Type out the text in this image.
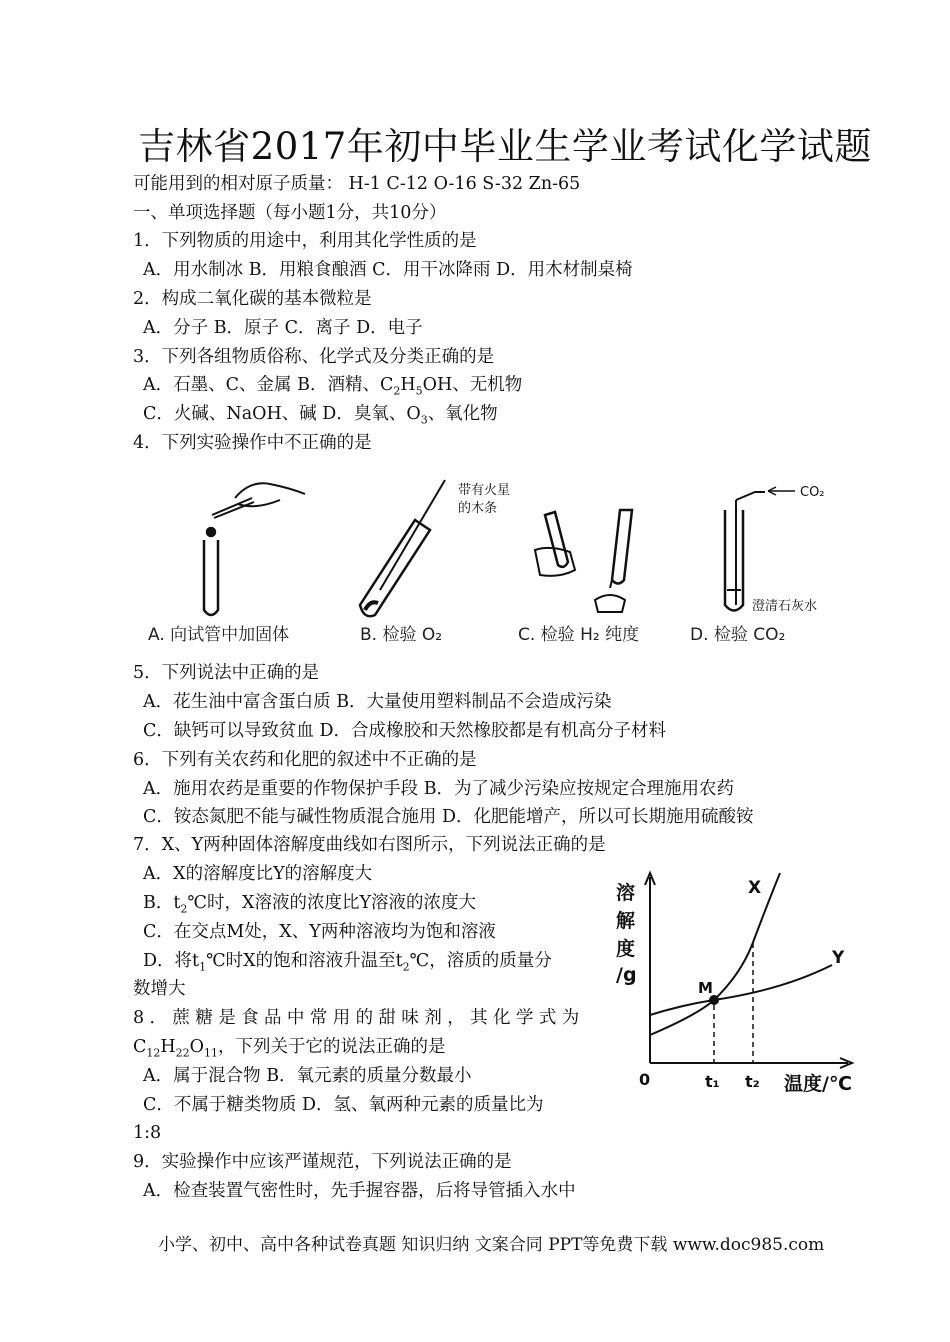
吉林省2017年初中毕业生学业考试化学试题
可能用到的相对原子质量： H-1 C-12 O-16 S-32 Zn-65
一、单项选择题（每小题1分，共10分）
1．下列物质的用途中，利用其化学性质的是
A．用水制冰 B．用粮食酿酒 C．用干冰降雨 D．用木材制桌椅
2．构成二氧化碳的基本微粒是
A．分子 B．原子 C．离子 D．电子
3．下列各组物质俗称、化学式及分类正确的是
A．石墨、C、金属 B．酒精、$C_2H_5OH$、无机物
C．火碱、NaOH、碱 D．臭氧、$O_3$、氧化物
4．下列实验操作中不正确的是
带有火星
的木条
CO₂
澄清石灰水
A. 向试管中加固体	B. 检验 O₂	C. 检验 H₂ 纯度	D. 检验 CO₂
5．下列说法中正确的是
A．花生油中富含蛋白质 B．大量使用塑料制品不会造成污染
C．缺钙可以导致贫血 D．合成橡胶和天然橡胶都是有机高分子材料
6．下列有关农药和化肥的叙述中不正确的是
A．施用农药是重要的作物保护手段 B．为了减少污染应按规定合理施用农药
C．铵态氮肥不能与碱性物质混合施用 D．化肥能增产，所以可长期施用硫酸铵
7．X、Y两种固体溶解度曲线如右图所示，下列说法正确的是
A．X的溶解度比Y的溶解度大
B．$t_2℃$时，X溶液的浓度比Y溶液的浓度大
C．在交点M处，X、Y两种溶液均为饱和溶液
D．将$t_1℃$时X的饱和溶液升温至$t_2℃$，溶质的质量分
数增大
8．蔗糖是食品中常用的甜味剂，其化学式为
$C_{12}H_{22}O_{11}$，下列关于它的说法正确的是
A．属于混合物 B．氧元素的质量分数最小
C．不属于糖类物质 D．氢、氧两种元素的质量比为
1:8
9．实验操作中应该严谨规范，下列说法正确的是
A．检查装置气密性时，先手握容器，后将导管插入水中
溶
解
度
/g
M
X
Y
0	t₁ t₂ 温度/℃
小学、初中、高中各种试卷真题 知识归纳 文案合同 PPT等免费下载 www.doc985.com
